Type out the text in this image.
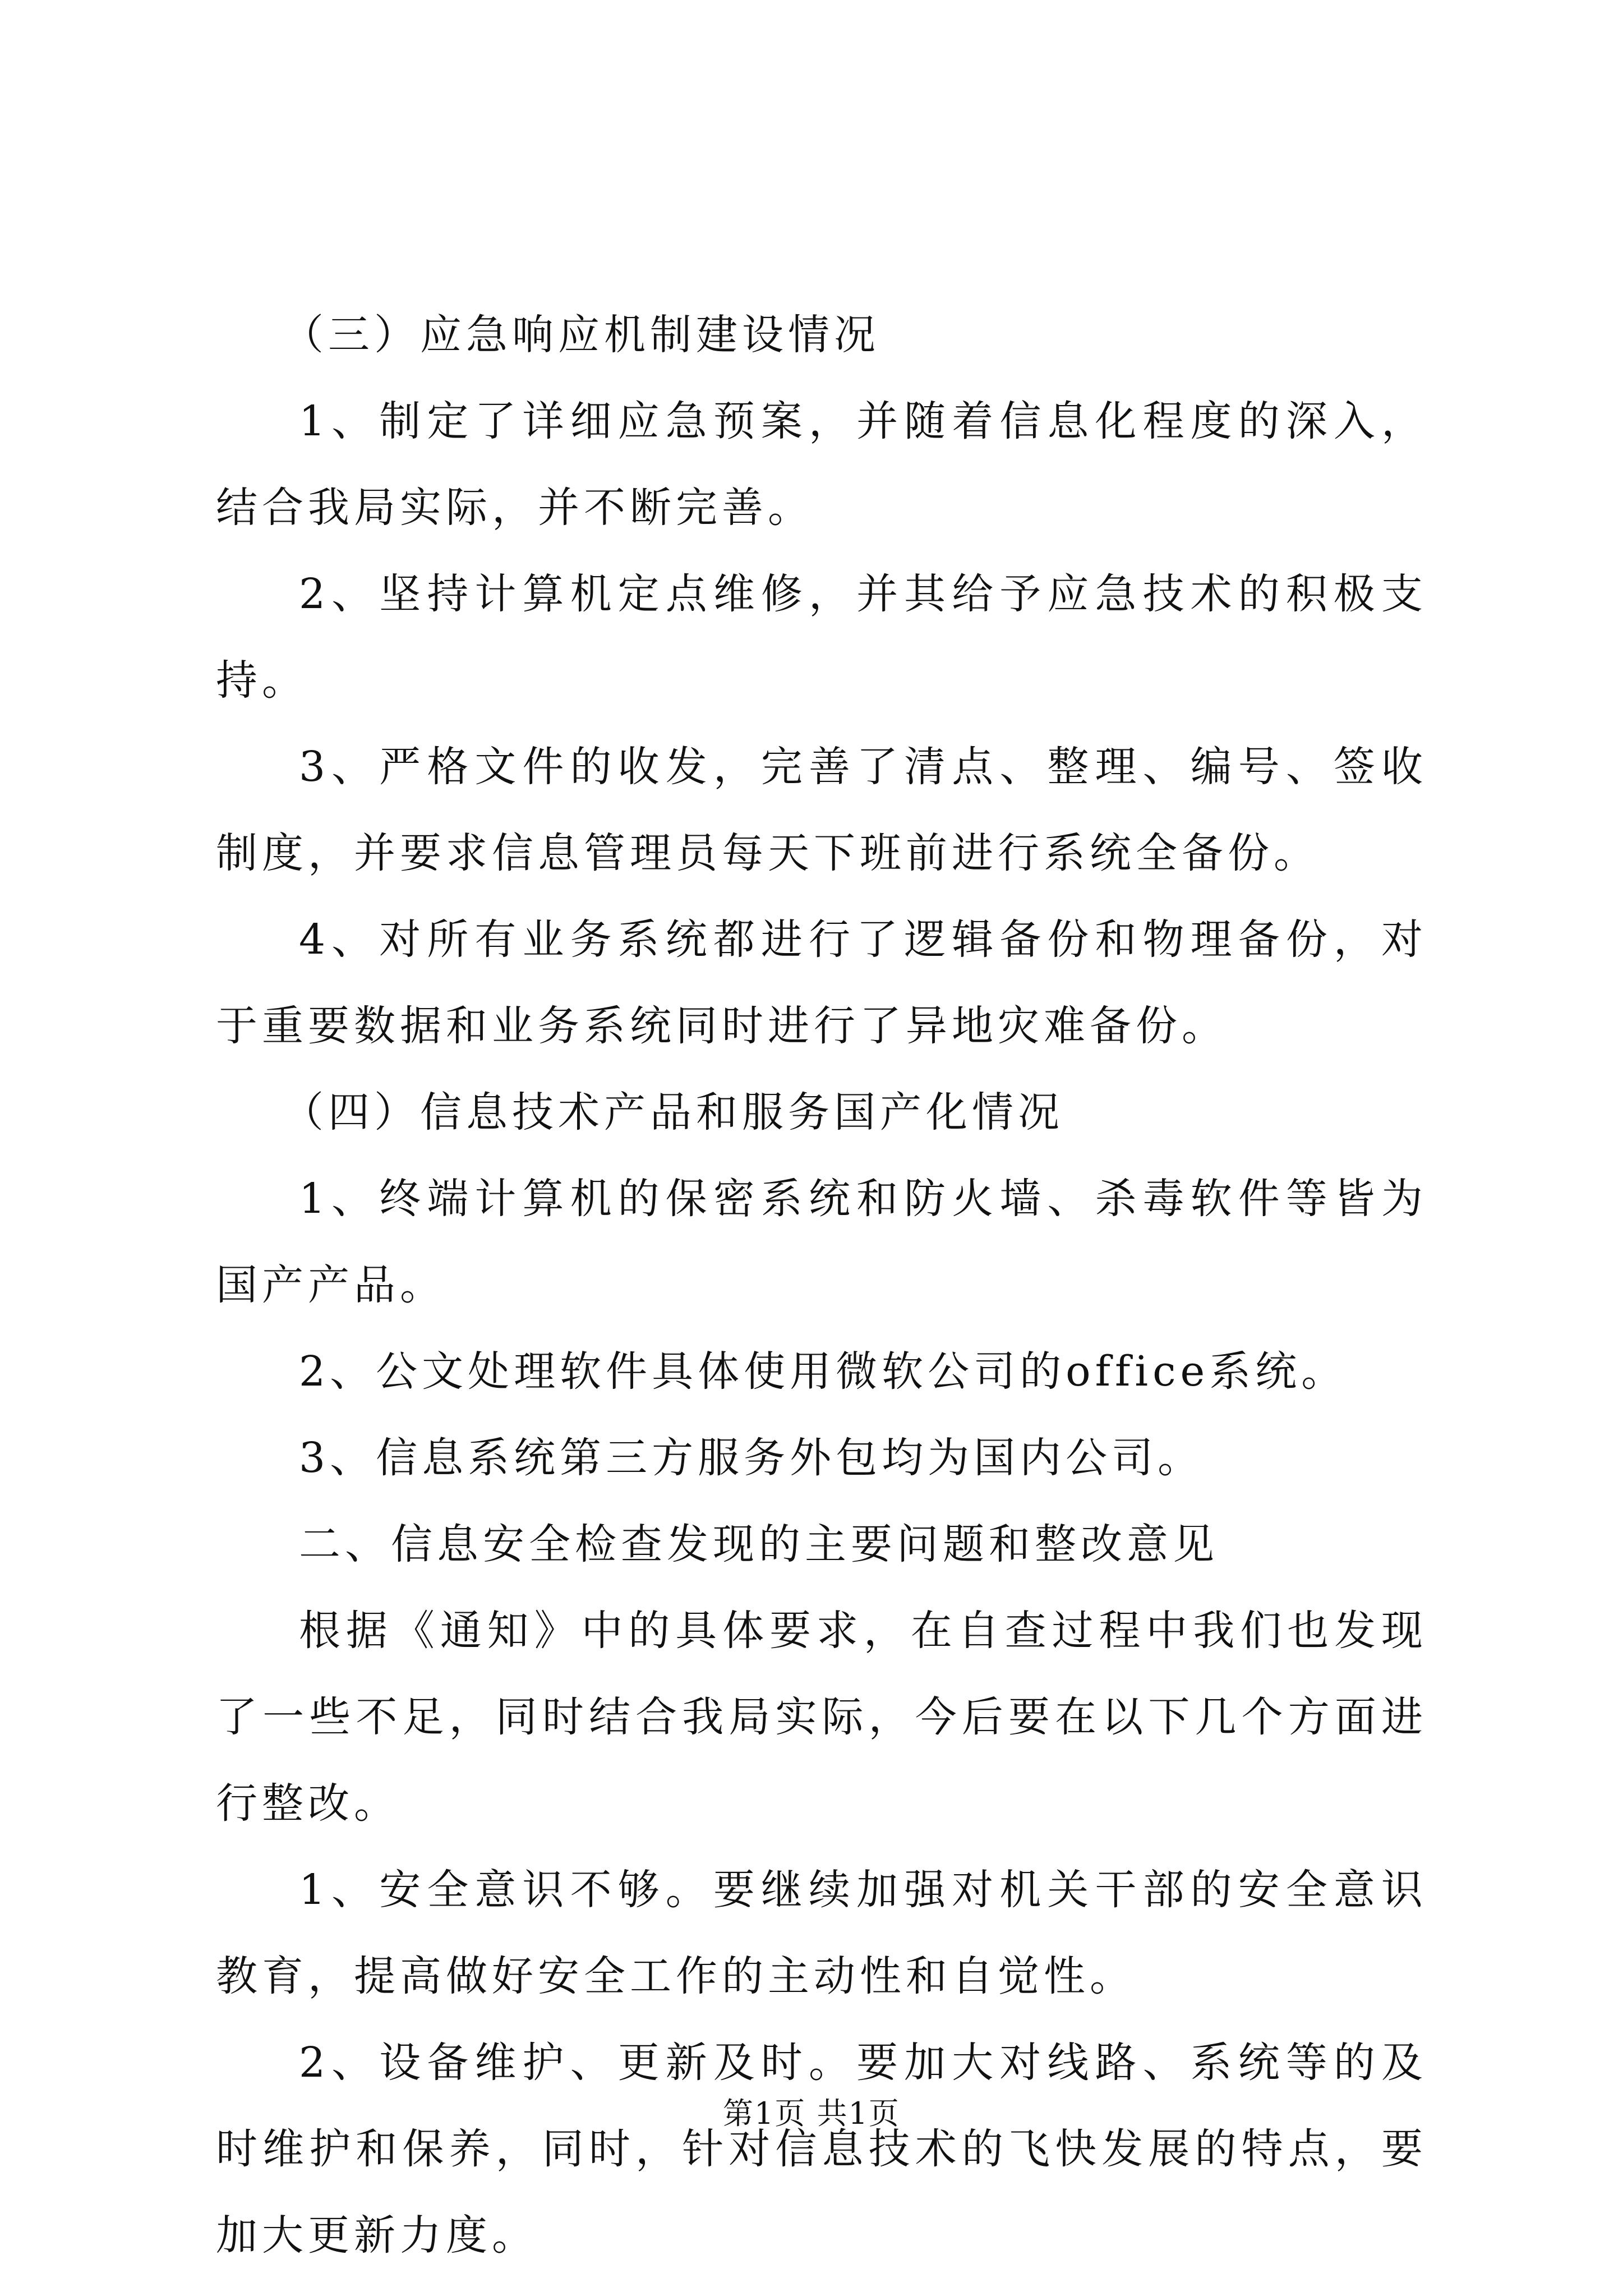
（三）应急响应机制建设情况

1、制定了详细应急预案，并随着信息化程度的深入，结合我局实际，并不断完善。

2、坚持计算机定点维修，并其给予应急技术的积极支持。

3、严格文件的收发，完善了清点、整理、编号、签收制度，并要求信息管理员每天下班前进行系统全备份。

4、对所有业务系统都进行了逻辑备份和物理备份，对于重要数据和业务系统同时进行了异地灾难备份。

（四）信息技术产品和服务国产化情况

1、终端计算机的保密系统和防火墙、杀毒软件等皆为国产产品。

2、公文处理软件具体使用微软公司的office系统。

3、信息系统第三方服务外包均为国内公司。

二、信息安全检查发现的主要问题和整改意见

根据《通知》中的具体要求，在自查过程中我们也发现了一些不足，同时结合我局实际，今后要在以下几个方面进行整改。

1、安全意识不够。要继续加强对机关干部的安全意识教育，提高做好安全工作的主动性和自觉性。

2、设备维护、更新及时。要加大对线路、系统等的及时维护和保养，同时，针对信息技术的飞快发展的特点，要加大更新力度。

第1页 共1页
